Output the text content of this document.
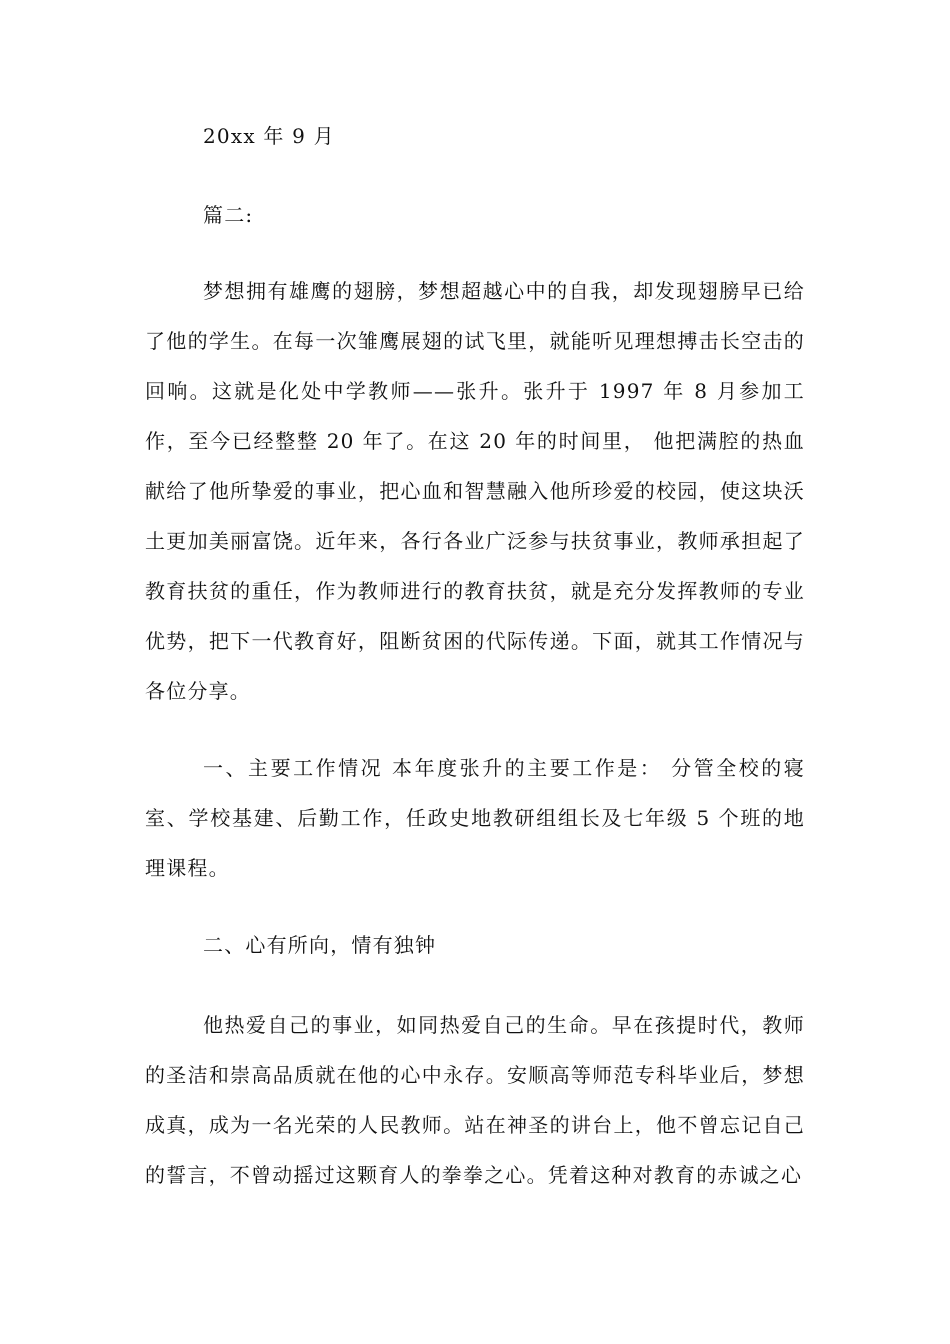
20xx 年 9 月

篇二:

梦想拥有雄鹰的翅膀，梦想超越心中的自我，却发现翅膀早已给了他的学生。在每一次雏鹰展翅的试飞里，就能听见理想搏击长空击的回响。这就是化处中学教师——张升。张升于 1997 年 8 月参加工作，至今已经整整 20 年了。在这 20 年的时间里， 他把满腔的热血献给了他所挚爱的事业，把心血和智慧融入他所珍爱的校园，使这块沃土更加美丽富饶。近年来，各行各业广泛参与扶贫事业，教师承担起了教育扶贫的重任，作为教师进行的教育扶贫，就是充分发挥教师的专业优势，把下一代教育好，阻断贫困的代际传递。下面，就其工作情况与各位分享。

一、主要工作情况 本年度张升的主要工作是： 分管全校的寝室、学校基建、后勤工作，任政史地教研组组长及七年级 5 个班的地理课程。

二、心有所向，情有独钟

他热爱自己的事业，如同热爱自己的生命。早在孩提时代，教师的圣洁和崇高品质就在他的心中永存。安顺高等师范专科毕业后，梦想成真，成为一名光荣的人民教师。站在神圣的讲台上，他不曾忘记自己的誓言，不曾动摇过这颗育人的拳拳之心。凭着这种对教育的赤诚之心
